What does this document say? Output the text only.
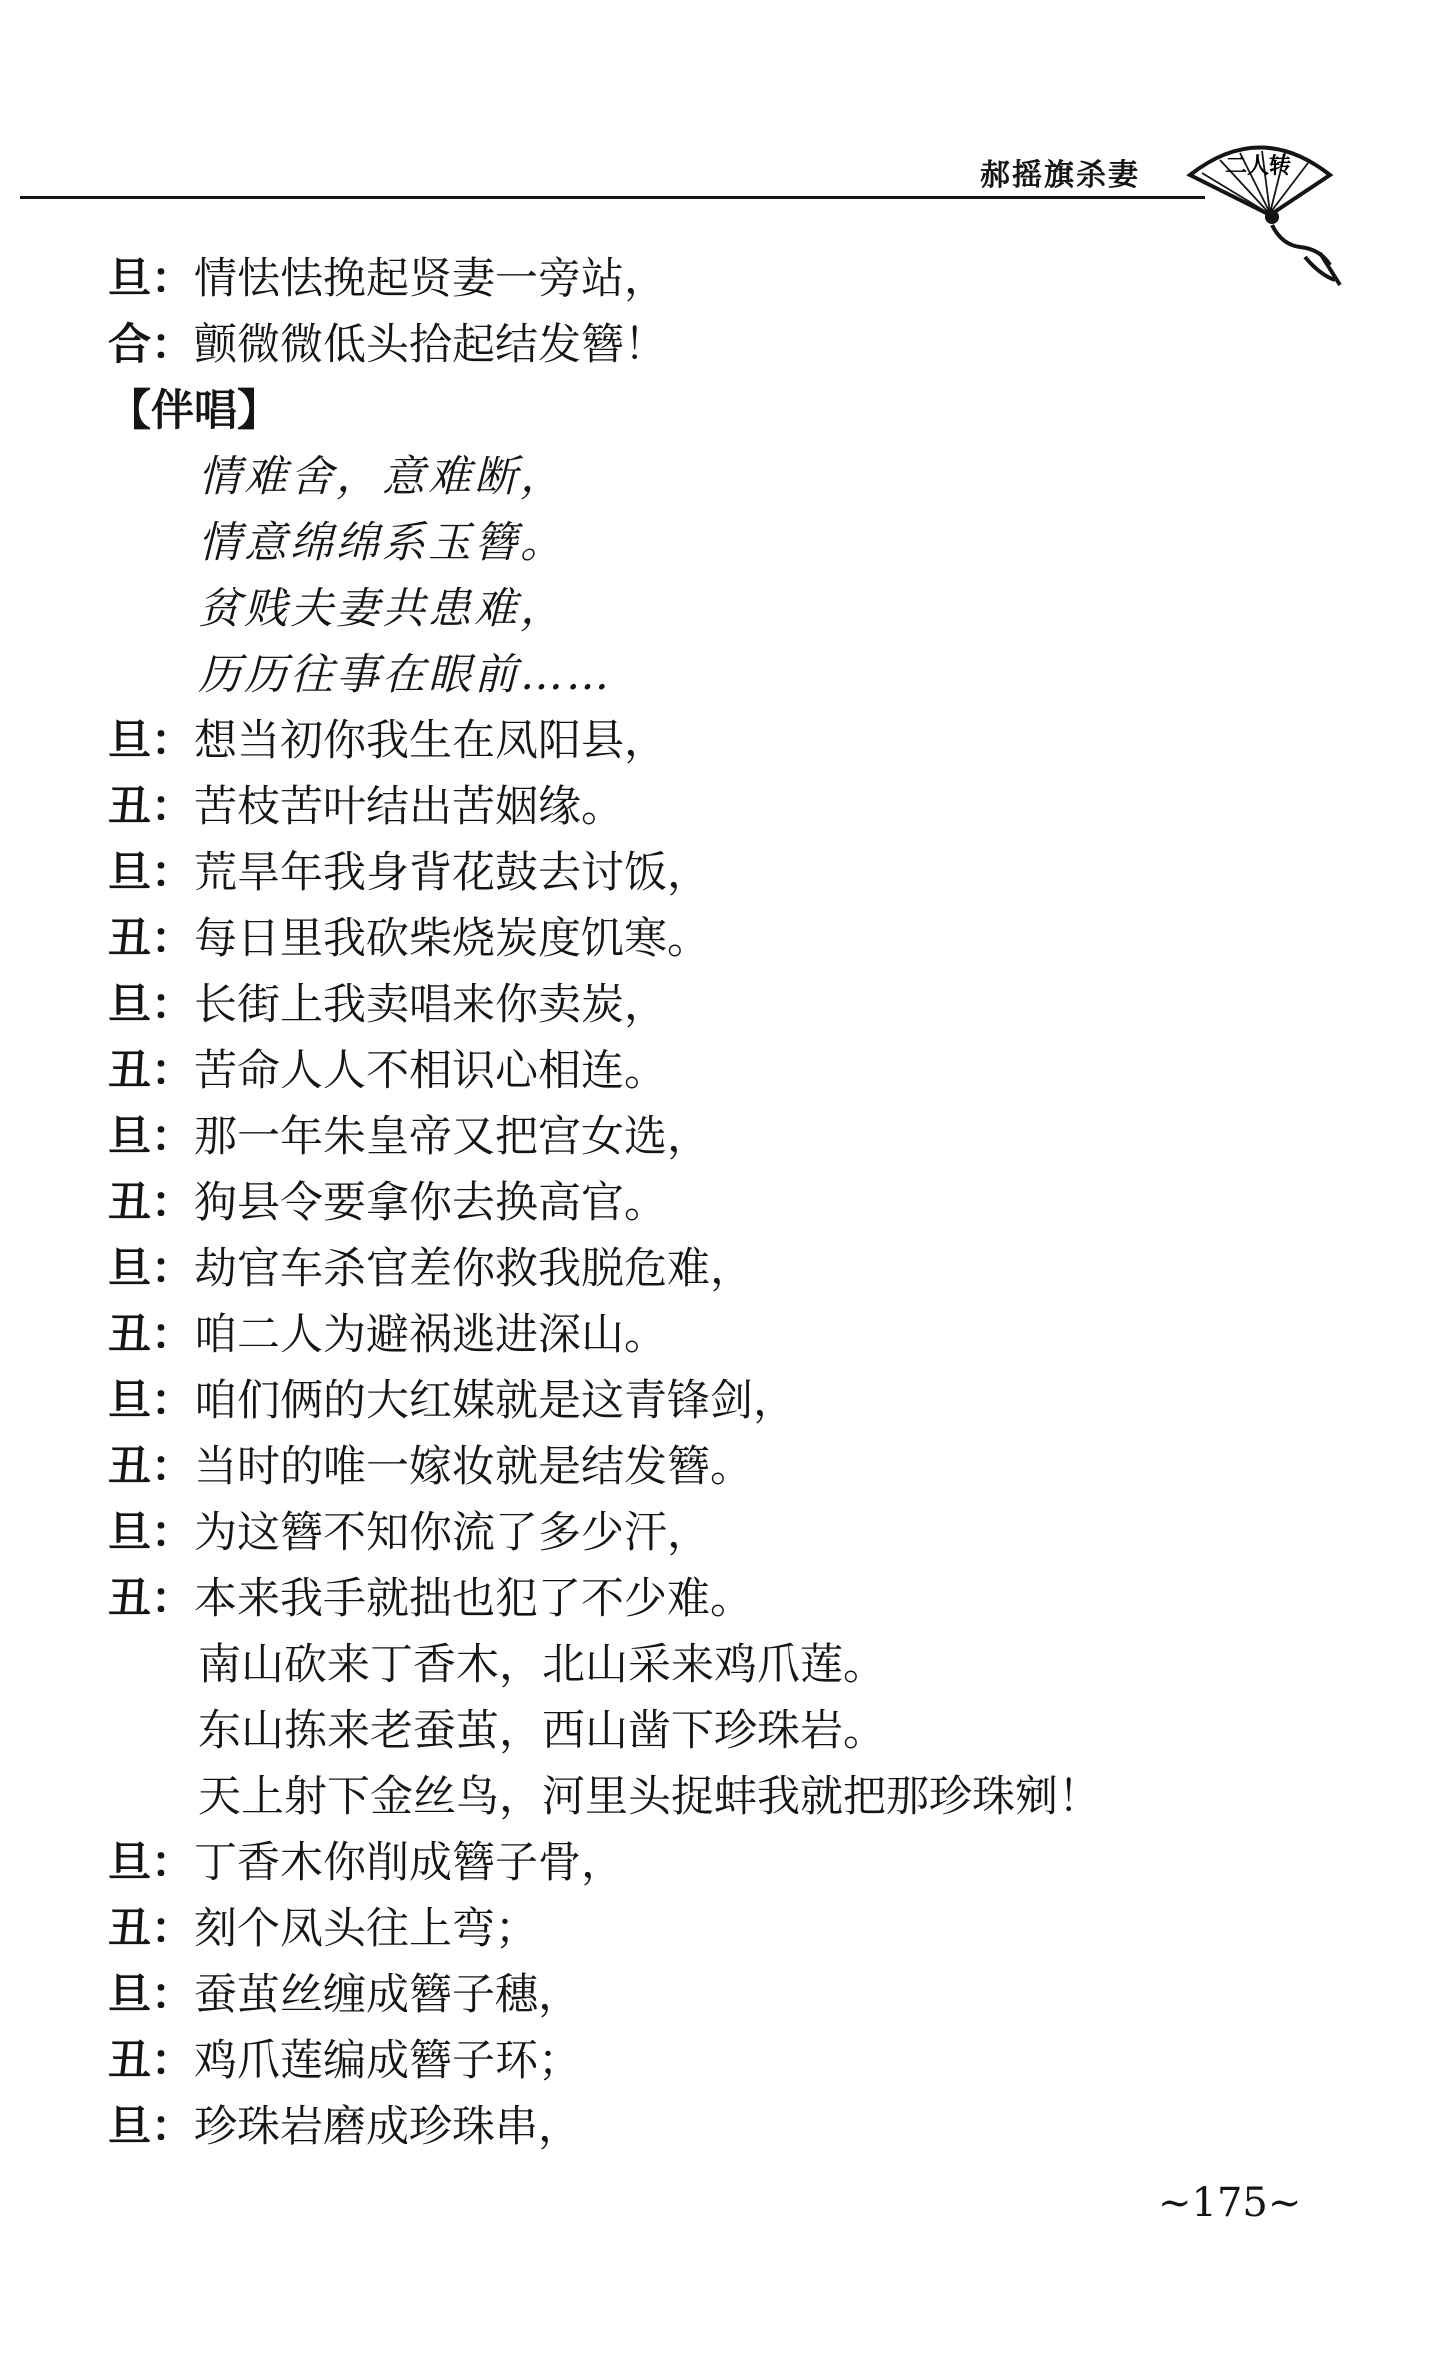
郝摇旗杀妻	二人转
旦：情怯怯挽起贤妻一旁站，
合：颤微微低头拾起结发簪！
【伴唱】
情难舍，意难断，
情意绵绵系玉簪。
贫贱夫妻共患难，
历历往事在眼前……
旦：想当初你我生在凤阳县，
丑：苦枝苦叶结出苦姻缘。
旦：荒旱年我身背花鼓去讨饭，
丑：每日里我砍柴烧炭度饥寒。
旦：长街上我卖唱来你卖炭，
丑：苦命人人不相识心相连。
旦：那一年朱皇帝又把宫女选，
丑：狗县令要拿你去换高官。
旦：劫官车杀官差你救我脱危难，
丑：咱二人为避祸逃进深山。
旦：咱们俩的大红媒就是这青锋剑，
丑：当时的唯一嫁妆就是结发簪。
旦：为这簪不知你流了多少汗，
丑：本来我手就拙也犯了不少难。
南山砍来丁香木，北山采来鸡爪莲。
东山拣来老蚕茧，西山凿下珍珠岩。
天上射下金丝鸟，河里头捉蚌我就把那珍珠剜！
旦：丁香木你削成簪子骨，
丑：刻个凤头往上弯；
旦：蚕茧丝缠成簪子穗，
丑：鸡爪莲编成簪子环；
旦：珍珠岩磨成珍珠串，
~175~
